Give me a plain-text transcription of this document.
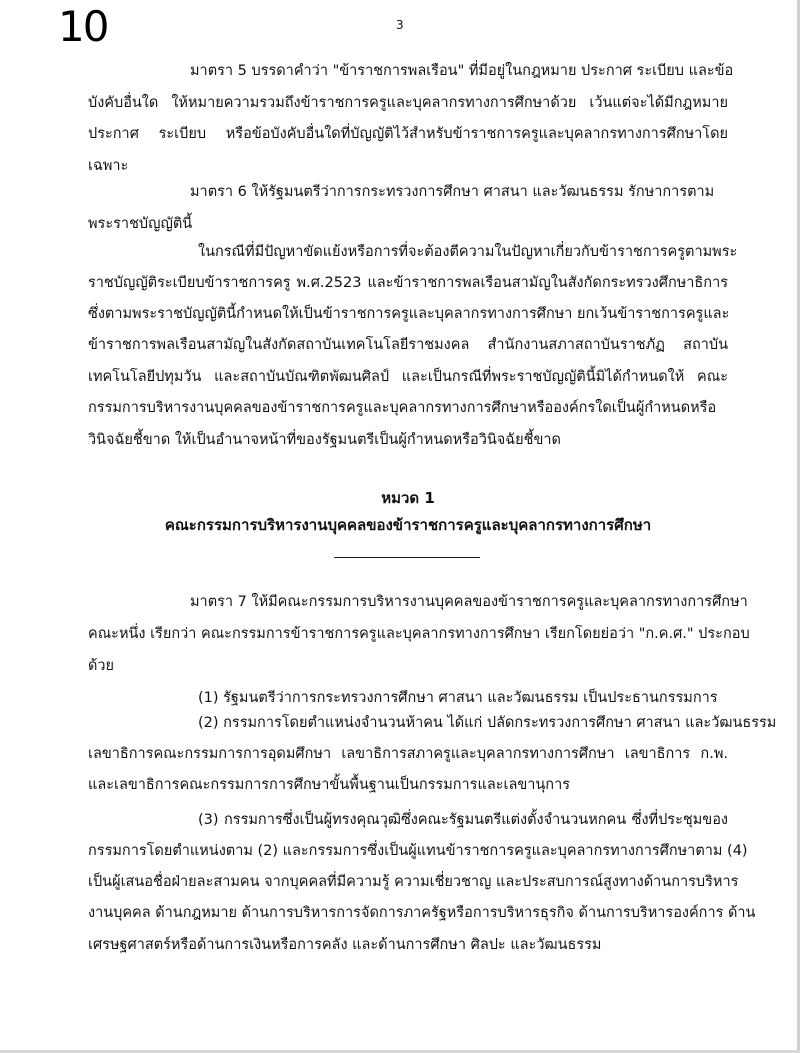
10	3
มาตรา 5 บรรดาคำว่า "ข้าราชการพลเรือน" ที่มีอยู่ในกฎหมาย ประกาศ ระเบียบ และข้อ
บังคับอื่นใด ให้หมายความรวมถึงข้าราชการครูและบุคลากรทางการศึกษาด้วย เว้นแต่จะได้มีกฎหมาย
ประกาศ ระเบียบ หรือข้อบังคับอื่นใดที่บัญญัติไว้สำหรับข้าราชการครูและบุคลากรทางการศึกษาโดย
เฉพาะ
มาตรา 6 ให้รัฐมนตรีว่าการกระทรวงการศึกษา ศาสนา และวัฒนธรรม รักษาการตาม
พระราชบัญญัตินี้
ในกรณีที่มีปัญหาขัดแย้งหรือการที่จะต้องตีความในปัญหาเกี่ยวกับข้าราชการครูตามพระ
ราชบัญญัติระเบียบข้าราชการครู พ.ศ.2523 และข้าราชการพลเรือนสามัญในสังกัดกระทรวงศึกษาธิการ
ซึ่งตามพระราชบัญญัตินี้กำหนดให้เป็นข้าราชการครูและบุคลากรทางการศึกษา ยกเว้นข้าราชการครูและ
ข้าราชการพลเรือนสามัญในสังกัดสถาบันเทคโนโลยีราชมงคล สำนักงานสภาสถาบันราชภัฏ สถาบัน
เทคโนโลยีปทุมวัน และสถาบันบัณฑิตพัฒนศิลป์ และเป็นกรณีที่พระราชบัญญัตินี้มิได้กำหนดให้ คณะ
กรรมการบริหารงานบุคคลของข้าราชการครูและบุคลากรทางการศึกษาหรือองค์กรใดเป็นผู้กำหนดหรือ
วินิจฉัยชี้ขาด ให้เป็นอำนาจหน้าที่ของรัฐมนตรีเป็นผู้กำหนดหรือวินิจฉัยชี้ขาด
หมวด 1
คณะกรรมการบริหารงานบุคคลของข้าราชการครูและบุคลากรทางการศึกษา
มาตรา 7 ให้มีคณะกรรมการบริหารงานบุคคลของข้าราชการครูและบุคลากรทางการศึกษา
คณะหนึ่ง เรียกว่า คณะกรรมการข้าราชการครูและบุคลากรทางการศึกษา เรียกโดยย่อว่า "ก.ค.ศ." ประกอบ
ด้วย
(1) รัฐมนตรีว่าการกระทรวงการศึกษา ศาสนา และวัฒนธรรม เป็นประธานกรรมการ
(2) กรรมการโดยตำแหน่งจำนวนห้าคน ได้แก่ ปลัดกระทรวงการศึกษา ศาสนา และวัฒนธรรม
เลขาธิการคณะกรรมการการอุดมศึกษา เลขาธิการสภาครูและบุคลากรทางการศึกษา เลขาธิการ ก.พ.
และเลขาธิการคณะกรรมการการศึกษาขั้นพื้นฐานเป็นกรรมการและเลขานุการ
(3) กรรมการซึ่งเป็นผู้ทรงคุณวุฒิซึ่งคณะรัฐมนตรีแต่งตั้งจำนวนหกคน ซึ่งที่ประชุมของ
กรรมการโดยตำแหน่งตาม (2) และกรรมการซึ่งเป็นผู้แทนข้าราชการครูและบุคลากรทางการศึกษาตาม (4)
เป็นผู้เสนอชื่อฝ่ายละสามคน จากบุคคลที่มีความรู้ ความเชี่ยวชาญ และประสบการณ์สูงทางด้านการบริหาร
งานบุคคล ด้านกฎหมาย ด้านการบริหารการจัดการภาครัฐหรือการบริหารธุรกิจ ด้านการบริหารองค์การ ด้าน
เศรษฐศาสตร์หรือด้านการเงินหรือการคลัง และด้านการศึกษา ศิลปะ และวัฒนธรรม
